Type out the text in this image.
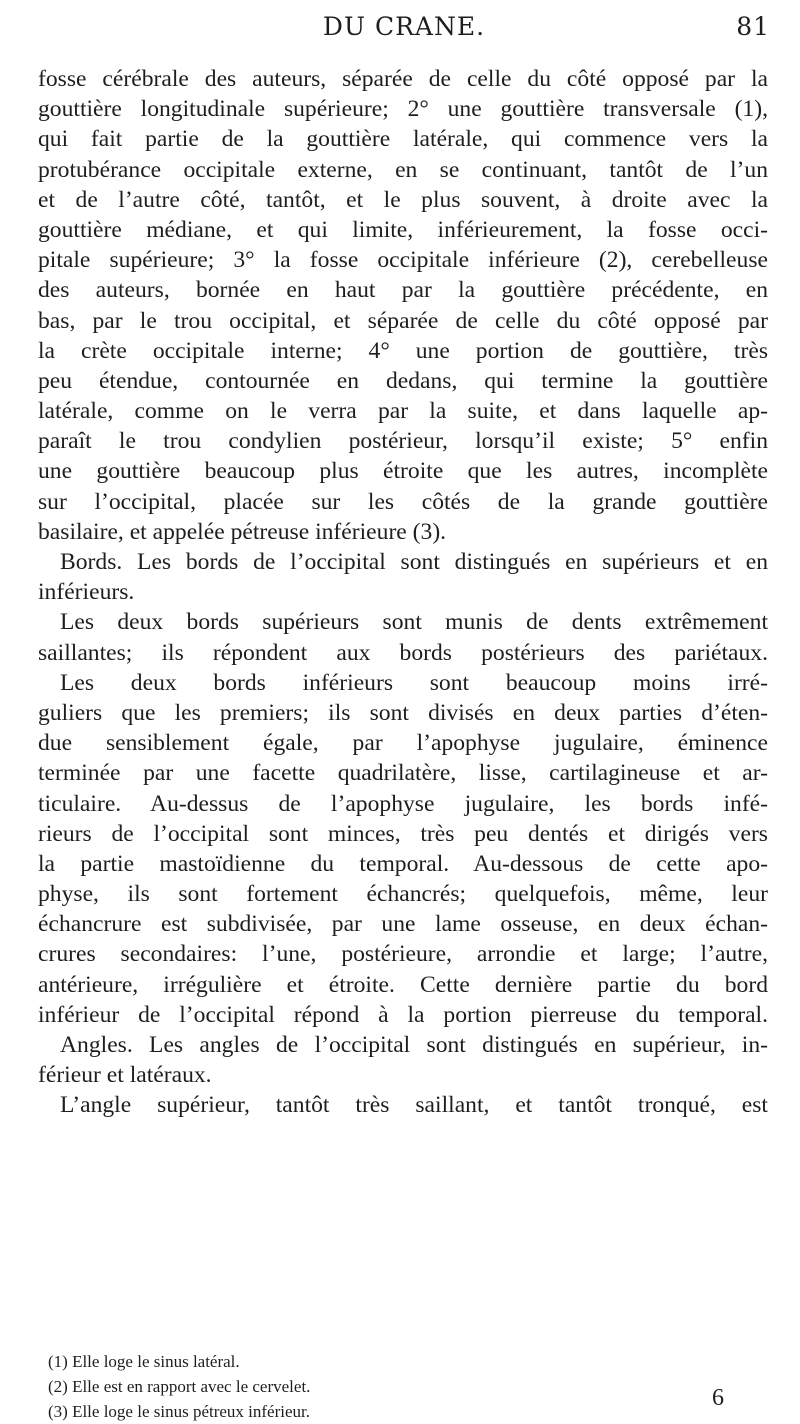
DU CRANE.	81
fosse cérébrale des auteurs, séparée de celle du côté opposé par la
gouttière longitudinale supérieure; 2° une gouttière transversale (1),
qui fait partie de la gouttière latérale, qui commence vers la
protubérance occipitale externe, en se continuant, tantôt de l’un
et de l’autre côté, tantôt, et le plus souvent, à droite avec la
gouttière médiane, et qui limite, inférieurement, la fosse occi-
pitale supérieure; 3° la fosse occipitale inférieure (2), cerebelleuse
des auteurs, bornée en haut par la gouttière précédente, en
bas, par le trou occipital, et séparée de celle du côté opposé par
la crète occipitale interne; 4° une portion de gouttière, très
peu étendue, contournée en dedans, qui termine la gouttière
latérale, comme on le verra par la suite, et dans laquelle ap-
paraît le trou condylien postérieur, lorsqu’il existe; 5° enfin
une gouttière beaucoup plus étroite que les autres, incomplète
sur l’occipital, placée sur les côtés de la grande gouttière
basilaire, et appelée pétreuse inférieure (3).
Bords. Les bords de l’occipital sont distingués en supérieurs et en
inférieurs.
Les deux bords supérieurs sont munis de dents extrêmement
saillantes; ils répondent aux bords postérieurs des pariétaux.
Les deux bords inférieurs sont beaucoup moins irré-
guliers que les premiers; ils sont divisés en deux parties d’éten-
due sensiblement égale, par l’apophyse jugulaire, éminence
terminée par une facette quadrilatère, lisse, cartilagineuse et ar-
ticulaire. Au-dessus de l’apophyse jugulaire, les bords infé-
rieurs de l’occipital sont minces, très peu dentés et dirigés vers
la partie mastoïdienne du temporal. Au-dessous de cette apo-
physe, ils sont fortement échancrés; quelquefois, même, leur
échancrure est subdivisée, par une lame osseuse, en deux échan-
crures secondaires: l’une, postérieure, arrondie et large; l’autre,
antérieure, irrégulière et étroite. Cette dernière partie du bord
inférieur de l’occipital répond à la portion pierreuse du temporal.
Angles. Les angles de l’occipital sont distingués en supérieur, in-
férieur et latéraux.
L’angle supérieur, tantôt très saillant, et tantôt tronqué, est
(1) Elle loge le sinus latéral.
(2) Elle est en rapport avec le cervelet.
(3) Elle loge le sinus pétreux inférieur.
6
